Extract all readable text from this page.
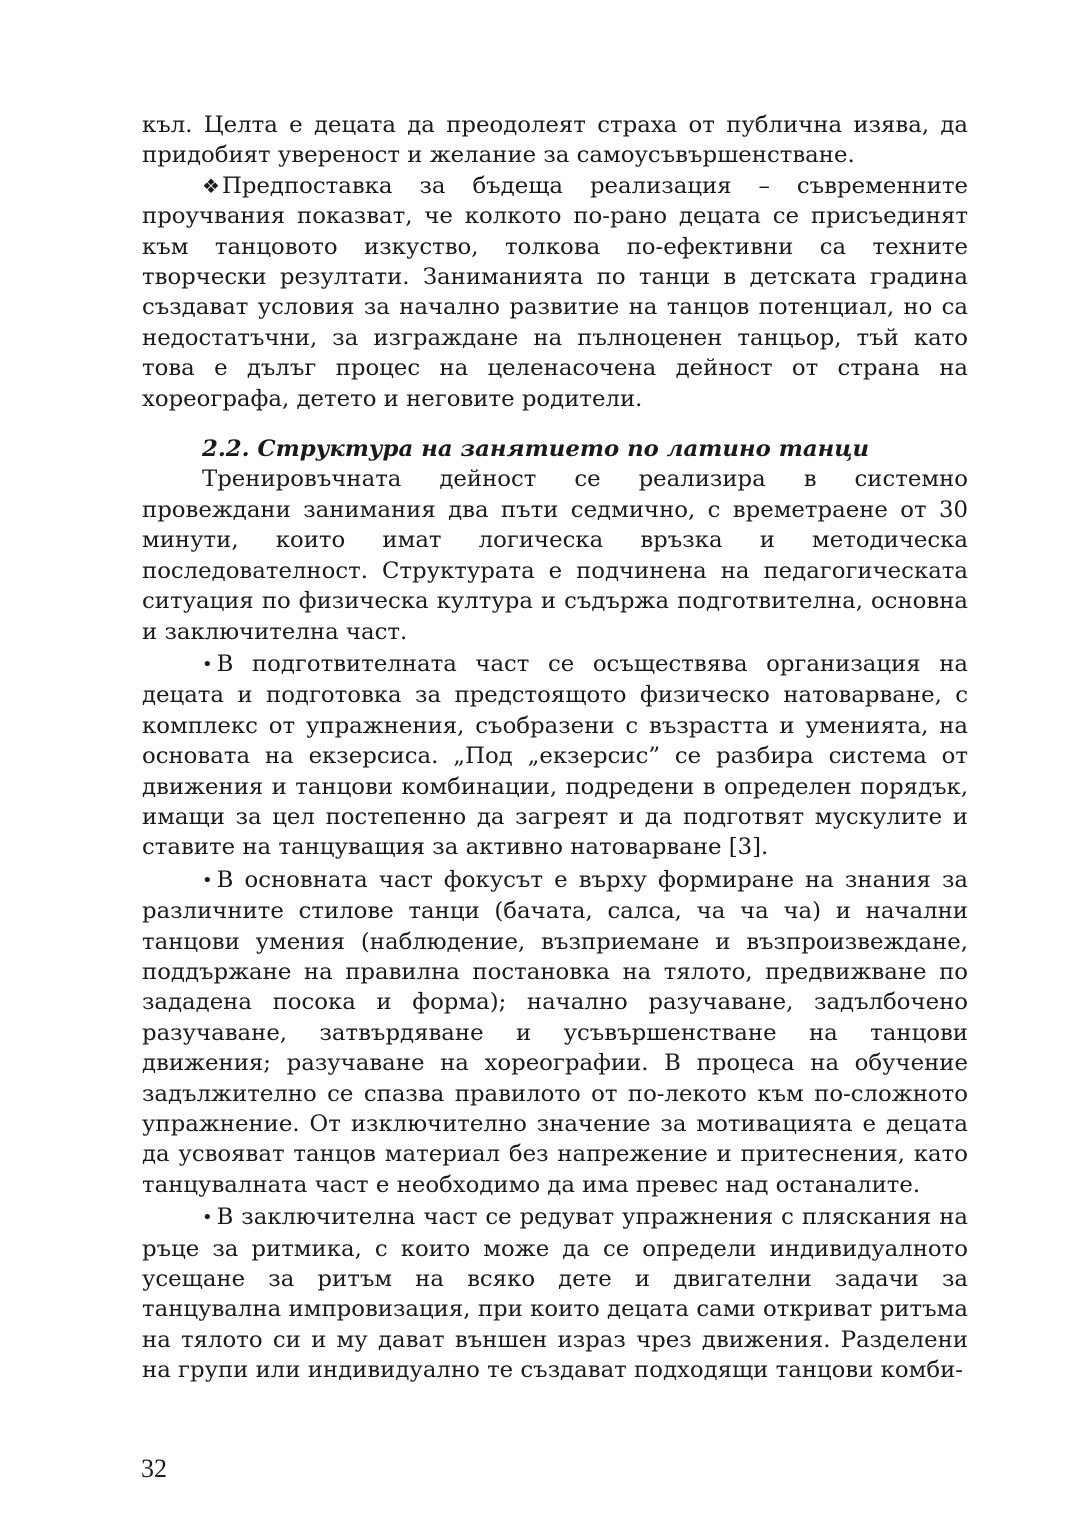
къл. Целта е децата да преодолеят страха от публична изява, да придобият увереност и желание за самоусъвършенстване.

❖Предпоставка за бъдеща реализация – съвременните проучвания показват, че колкото по-рано децата се присъединят към танцовото изкуство, толкова по-ефективни са техните творчески резултати. Заниманията по танци в детската градина създават условия за начално развитие на танцов потенциал, но са недостатъчни, за изграждане на пълноценен танцьор, тъй като това е дълъг процес на целенасочена дейност от страна на хореографа, детето и неговите родители.

2.2. Структура на занятието по латино танци

Тренировъчната дейност се реализира в системно провеждани занимания два пъти седмично, с времетраене от 30 минути, които имат логическа връзка и методическа последователност. Структурата е подчинена на педагогическата ситуация по физическа култура и съдържа подготвителна, основна и заключителна част.

• В подготвителната част се осъществява организация на децата и подготовка за предстоящото физическо натоварване, с комплекс от упражнения, съобразени с възрастта и уменията, на основата на екзерсиса. „Под „екзерсис” се разбира система от движения и танцови комбинации, подредени в определен порядък, имащи за цел постепенно да загреят и да подготвят мускулите и ставите на танцуващия за активно натоварване [3].

• В основната част фокусът е върху формиране на знания за различните стилове танци (бачата, салса, ча ча ча) и начални танцови умения (наблюдение, възприемане и възпроизвеждане, поддържане на правилна постановка на тялото, предвижване по зададена посока и форма); начално разучаване, задълбочено разучаване, затвърдяване и усъвършенстване на танцови движения; разучаване на хореографии. В процеса на обучение задължително се спазва правилото от по-лекото към по-сложното упражнение. От изключително значение за мотивацията е децата да усвояват танцов материал без напрежение и притеснения, като танцувалната част е необходимо да има превес над останалите.

• В заключителна част се редуват упражнения с пляскания на ръце за ритмика, с които може да се определи индивидуалното усещане за ритъм на всяко дете и двигателни задачи за танцувална импровизация, при които децата сами откриват ритъма на тялото си и му дават външен израз чрез движения. Разделени на групи или индивидуално те създават подходящи танцови комби-

32
